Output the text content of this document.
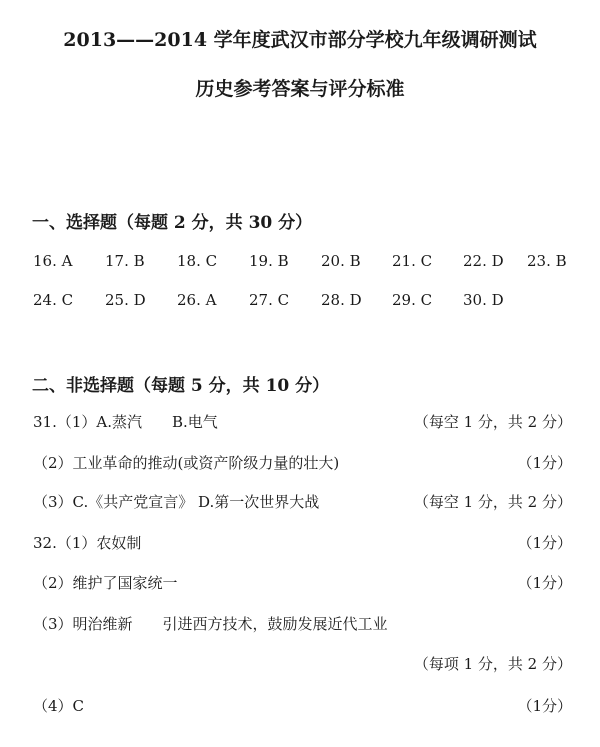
2013——2014 学年度武汉市部分学校九年级调研测试
历史参考答案与评分标准
一、选择题（每题 2 分，共 30 分）
16. A 17. B 18. C 19. B 20. B 21. C 22. D 23. B
24. C 25. D 26. A 27. C 28. D 29. C 30. D
二、非选择题（每题 5 分，共 10 分）
31.（1）A.蒸汽　　B.电气	（每空 1 分，共 2 分）
（2）工业革命的推动(或资产阶级力量的壮大)	（1分）
（3）C.《共产党宣言》 D.第一次世界大战	（每空 1 分，共 2 分）
32.（1）农奴制	（1分）
（2）维护了国家统一	（1分）
（3）明治维新　　引进西方技术，鼓励发展近代工业
（每项 1 分，共 2 分）
（4）C	（1分）
